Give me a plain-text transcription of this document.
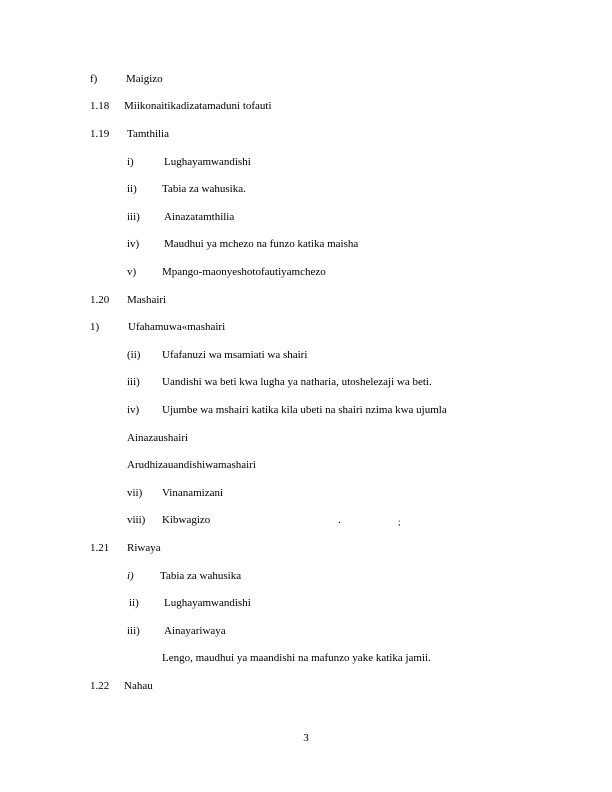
f)	Maigizo
1.18 Miikonaitikadizatamaduni tofauti
1.19 Tamthilia
i)	Lughayamwandishi
ii) Tabia za wahusika.
iii) Ainazatamthilia
iv) Maudhui ya mchezo na funzo katika maisha
v) Mpango-maonyeshotofautiyamchezo
1.20 Mashairi
1)	Ufahamuwa«mashairi
(ii) Ufafanuzi wa msamiati wa shairi
iii) Uandishi wa beti kwa lugha ya natharia, utoshelezaji wa beti.
iv) Ujumbe wa mshairi katika kila ubeti na shairi nzima kwa ujumla
Ainazaushairi
Arudhizauandishiwamashairi
vii) Vinanamizani
viii) Kibwagizo	.	;
1.21 Riwaya
i) Tabia za wahusika
ii) Lughayamwandishi
iii) Ainayariwaya
Lengo, maudhui ya maandishi na mafunzo yake katika jamii.
1.22 Nahau
3
